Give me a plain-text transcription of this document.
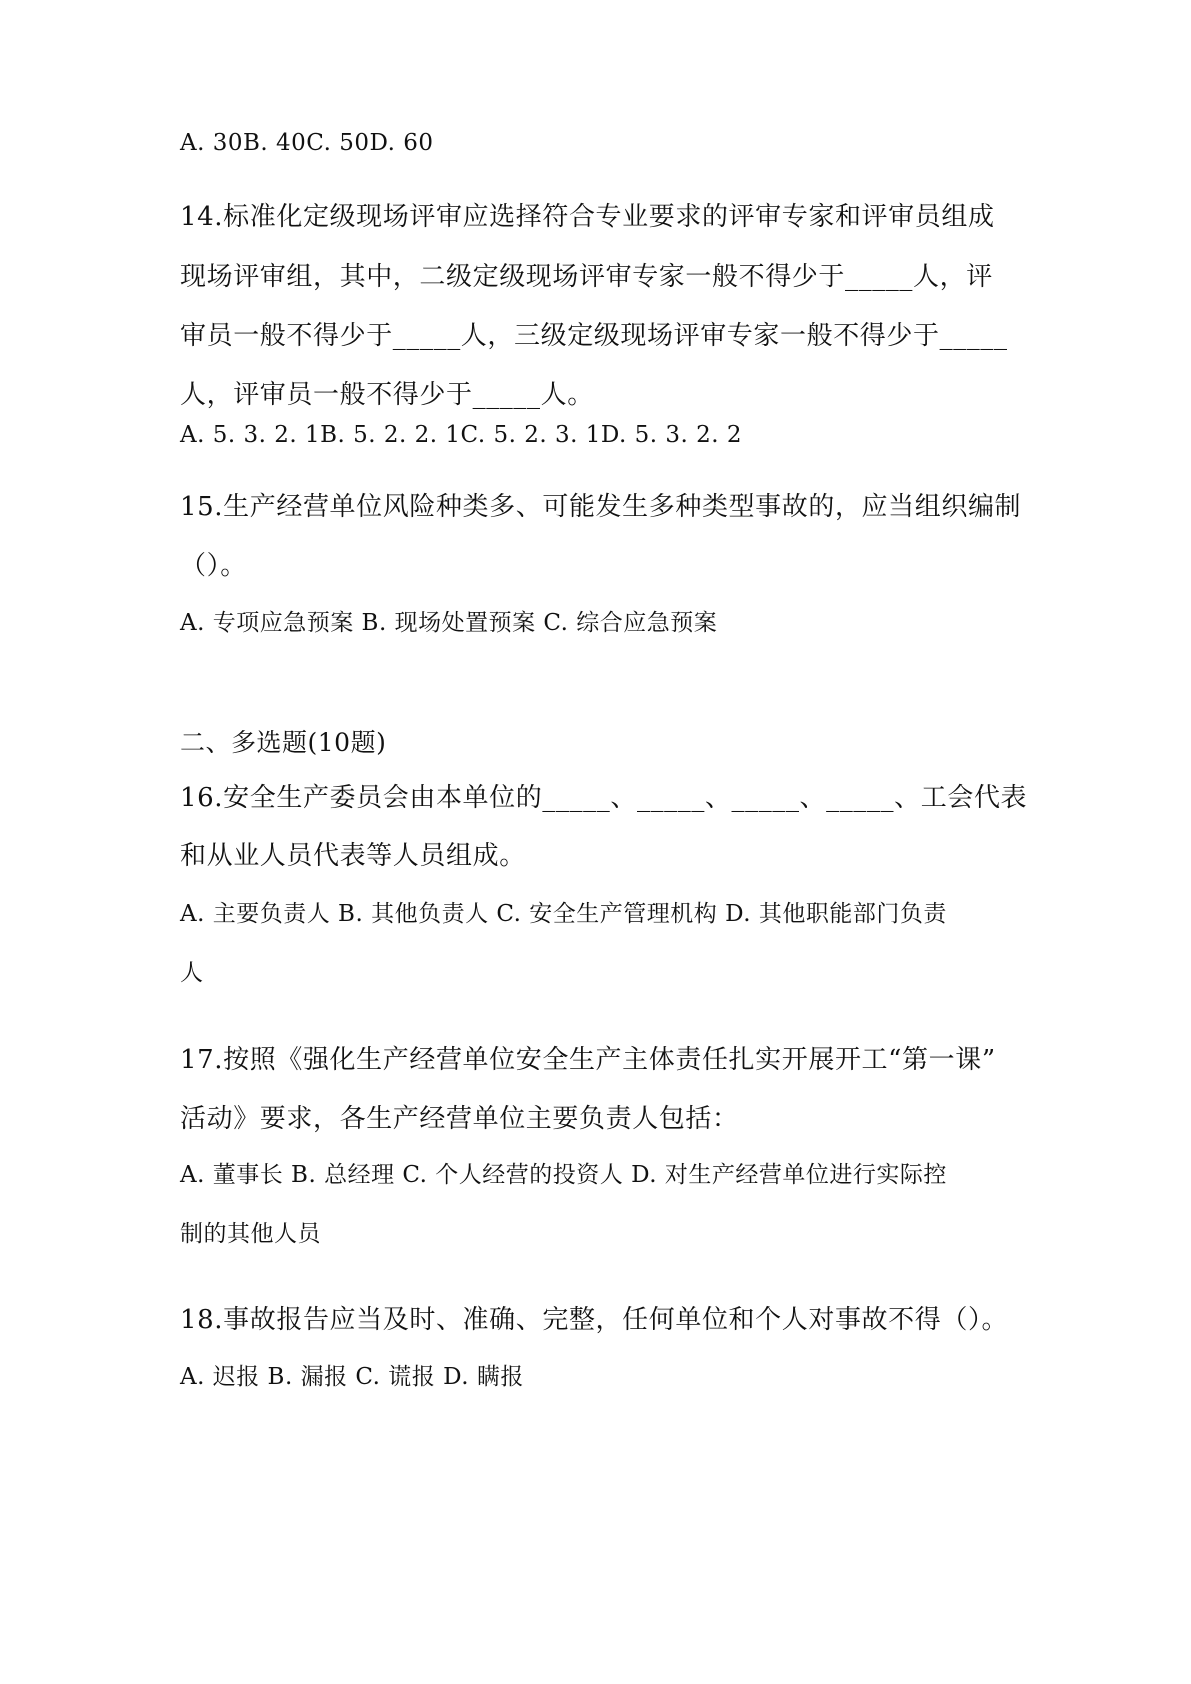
A. 30B. 40C. 50D. 60
14.标准化定级现场评审应选择符合专业要求的评审专家和评审员组成
现场评审组，其中，二级定级现场评审专家一般不得少于_____人，评
审员一般不得少于_____人，三级定级现场评审专家一般不得少于_____
人，评审员一般不得少于_____人。
A. 5. 3. 2. 1B. 5. 2. 2. 1C. 5. 2. 3. 1D. 5. 3. 2. 2
15.生产经营单位风险种类多、可能发生多种类型事故的，应当组织编制
（）。
A. 专项应急预案 B. 现场处置预案 C. 综合应急预案
二、多选题(10题)
16.安全生产委员会由本单位的_____、_____、_____、_____、工会代表
和从业人员代表等人员组成。
A. 主要负责人 B. 其他负责人 C. 安全生产管理机构 D. 其他职能部门负责
人
17.按照《强化生产经营单位安全生产主体责任扎实开展开工“第一课”
活动》要求，各生产经营单位主要负责人包括：
A. 董事长 B. 总经理 C. 个人经营的投资人 D. 对生产经营单位进行实际控
制的其他人员
18.事故报告应当及时、准确、完整，任何单位和个人对事故不得（）。
A. 迟报 B. 漏报 C. 谎报 D. 瞒报
